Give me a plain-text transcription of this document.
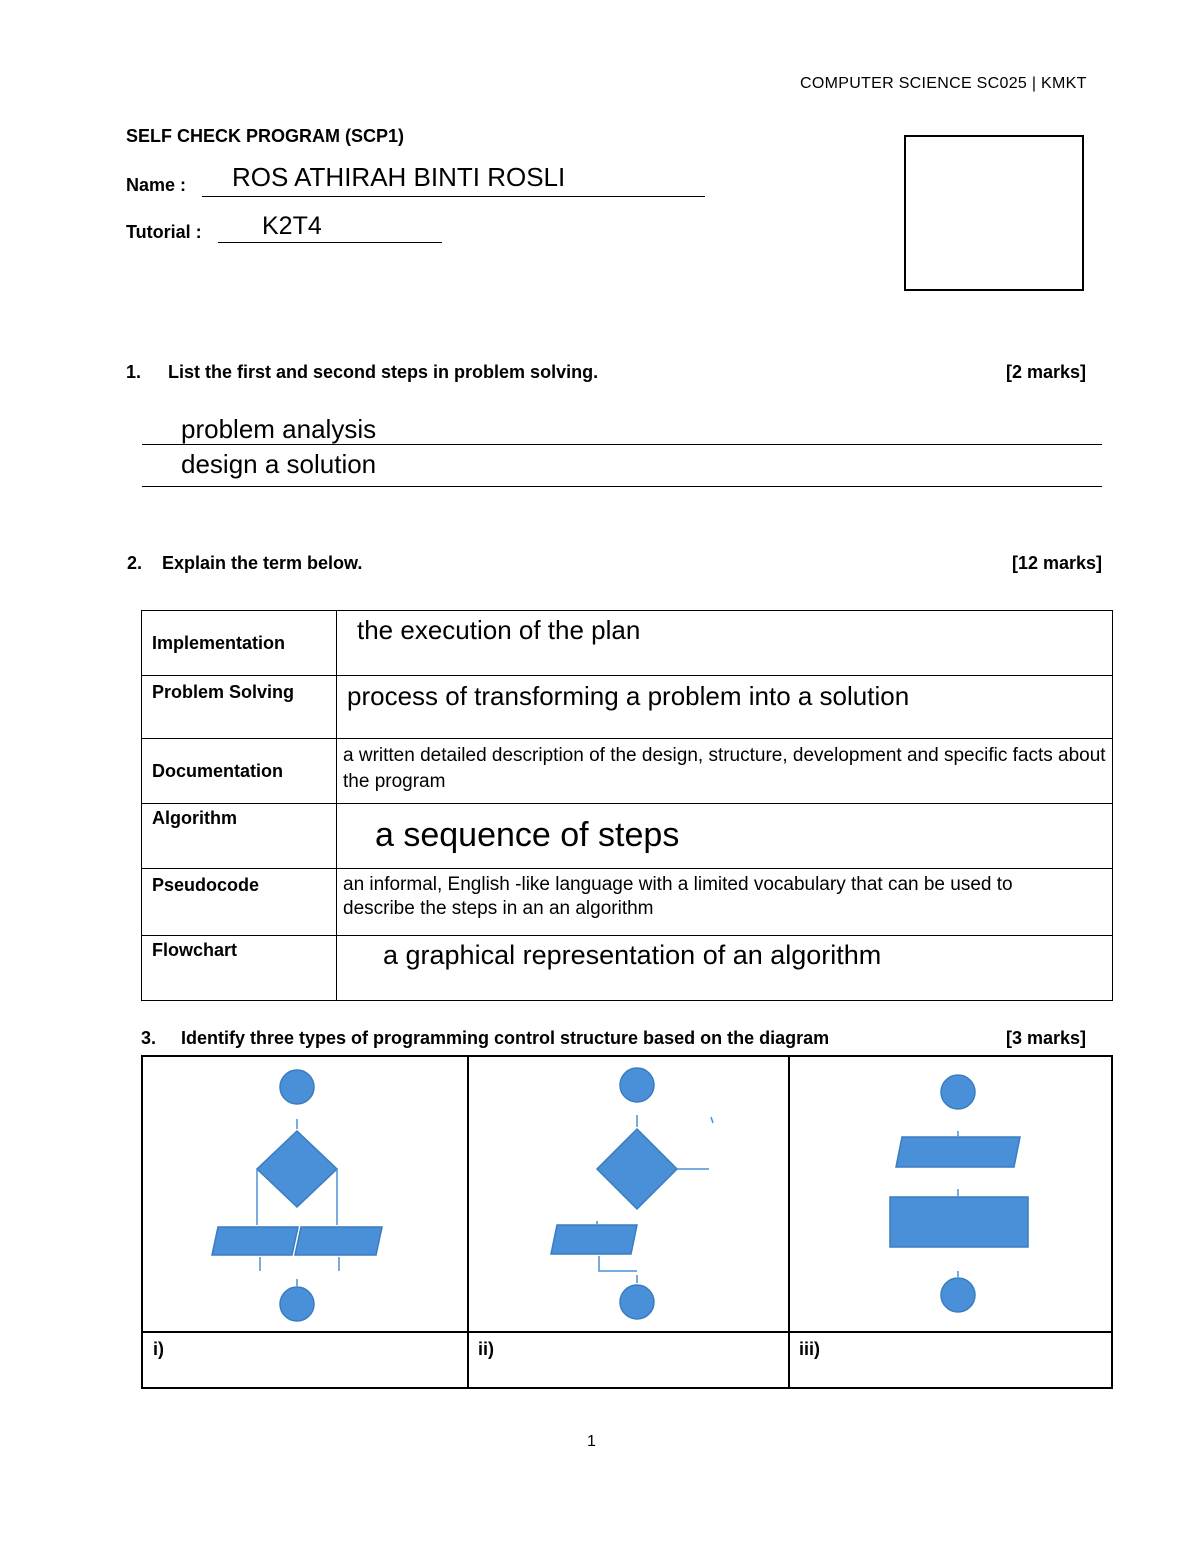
COMPUTER SCIENCE SC025 | KMKT
SELF CHECK PROGRAM (SCP1)
Name : ROS ATHIRAH BINTI ROSLI
Tutorial : K2T4
1. List the first and second steps in problem solving.	[2 marks]
problem analysis
design a solution
2. Explain the term below.	[12 marks]
Implementation	the execution of the plan
Problem Solving	process of transforming a problem into a solution
Documentation	a written detailed description of the design, structure, development and specific facts about the program

Algorithm	a sequence of steps
Pseudocode	an informal, English -like language with a limited vocabulary that can be used to describe the steps in an an algorithm

Flowchart	a graphical representation of an algorithm
3. Identify three types of programming control structure based on the diagram	[3 marks]
i)	ii)	iii)
1
